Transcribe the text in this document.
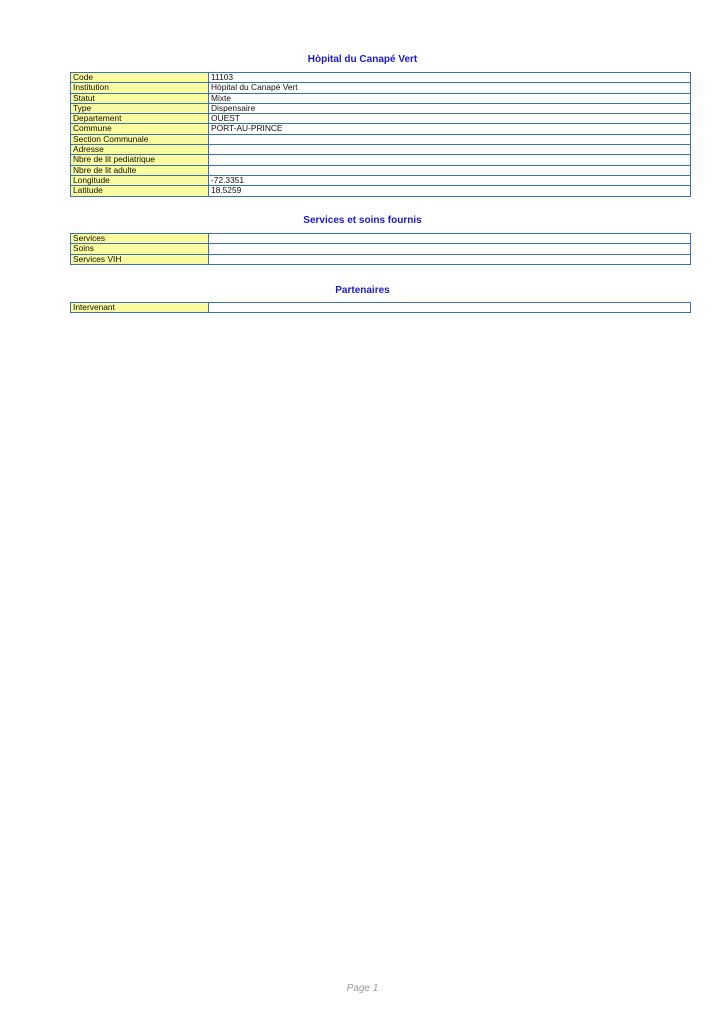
Hòpital du Canapé Vert
Code	11103
Institution	Hòpital du Canapé Vert
Statut	Mixte
Type	Dispensaire
Departement	OUEST
Commune	PORT-AU-PRINCE
Section Communale	
Adresse	
Nbre de lit pediatrique	
Nbre de lit adulte	
Longitude	-72.3351
Latitude	18.5259
Services et soins fournis
Services	
Soins	
Services VIH	
Partenaires
Intervenant	
Page 1
